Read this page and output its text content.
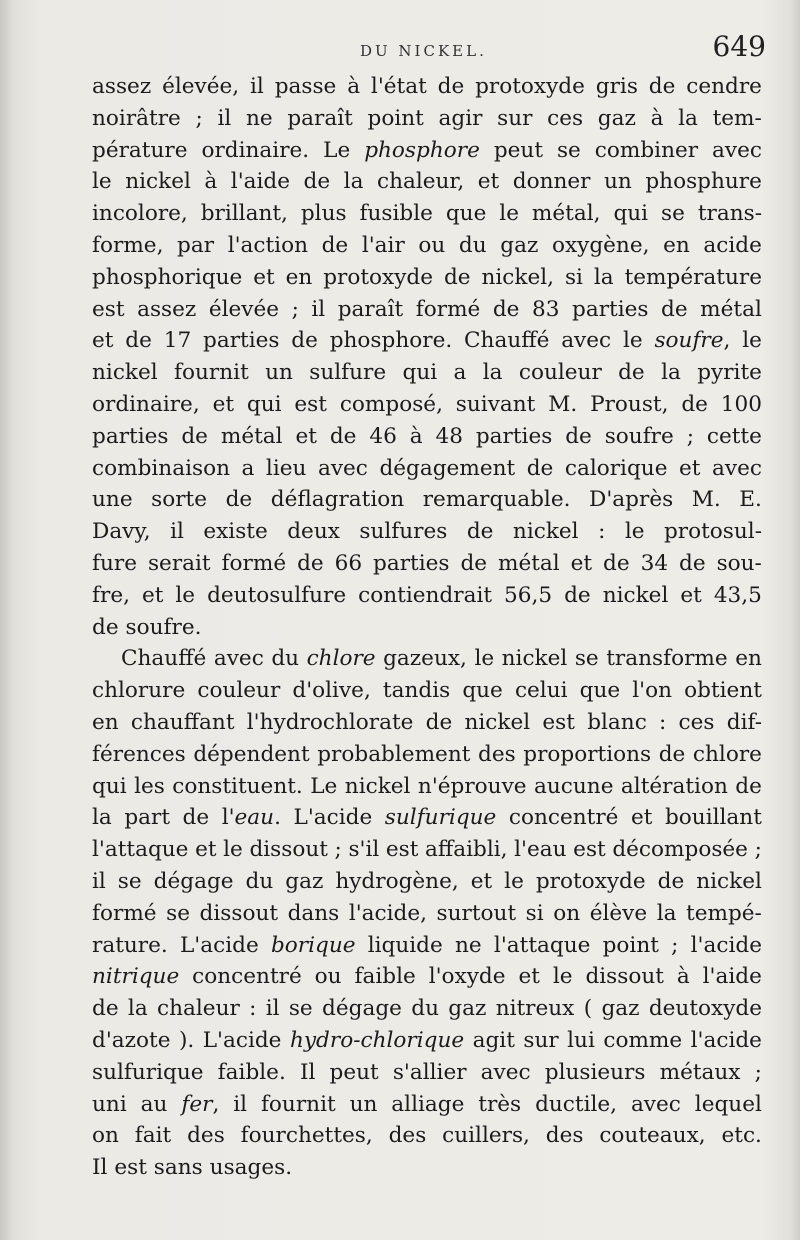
DU NICKEL.	649
assez élevée, il passe à l'état de protoxyde gris de cendre
noirâtre ; il ne paraît point agir sur ces gaz à la tem-
pérature ordinaire. Le phosphore peut se combiner avec
le nickel à l'aide de la chaleur, et donner un phosphure
incolore, brillant, plus fusible que le métal, qui se trans-
forme, par l'action de l'air ou du gaz oxygène, en acide
phosphorique et en protoxyde de nickel, si la température
est assez élevée ; il paraît formé de 83 parties de métal
et de 17 parties de phosphore. Chauffé avec le soufre, le
nickel fournit un sulfure qui a la couleur de la pyrite
ordinaire, et qui est composé, suivant M. Proust, de 100
parties de métal et de 46 à 48 parties de soufre ; cette
combinaison a lieu avec dégagement de calorique et avec
une sorte de déflagration remarquable. D'après M. E.
Davy, il existe deux sulfures de nickel : le protosul-
fure serait formé de 66 parties de métal et de 34 de sou-
fre, et le deutosulfure contiendrait 56,5 de nickel et 43,5
de soufre.
Chauffé avec du chlore gazeux, le nickel se transforme en
chlorure couleur d'olive, tandis que celui que l'on obtient
en chauffant l'hydrochlorate de nickel est blanc : ces dif-
férences dépendent probablement des proportions de chlore
qui les constituent. Le nickel n'éprouve aucune altération de
la part de l'eau. L'acide sulfurique concentré et bouillant
l'attaque et le dissout ; s'il est affaibli, l'eau est décomposée ;
il se dégage du gaz hydrogène, et le protoxyde de nickel
formé se dissout dans l'acide, surtout si on élève la tempé-
rature. L'acide borique liquide ne l'attaque point ; l'acide
nitrique concentré ou faible l'oxyde et le dissout à l'aide
de la chaleur : il se dégage du gaz nitreux ( gaz deutoxyde
d'azote ). L'acide hydro-chlorique agit sur lui comme l'acide
sulfurique faible. Il peut s'allier avec plusieurs métaux ;
uni au fer, il fournit un alliage très ductile, avec lequel
on fait des fourchettes, des cuillers, des couteaux, etc.
Il est sans usages.
